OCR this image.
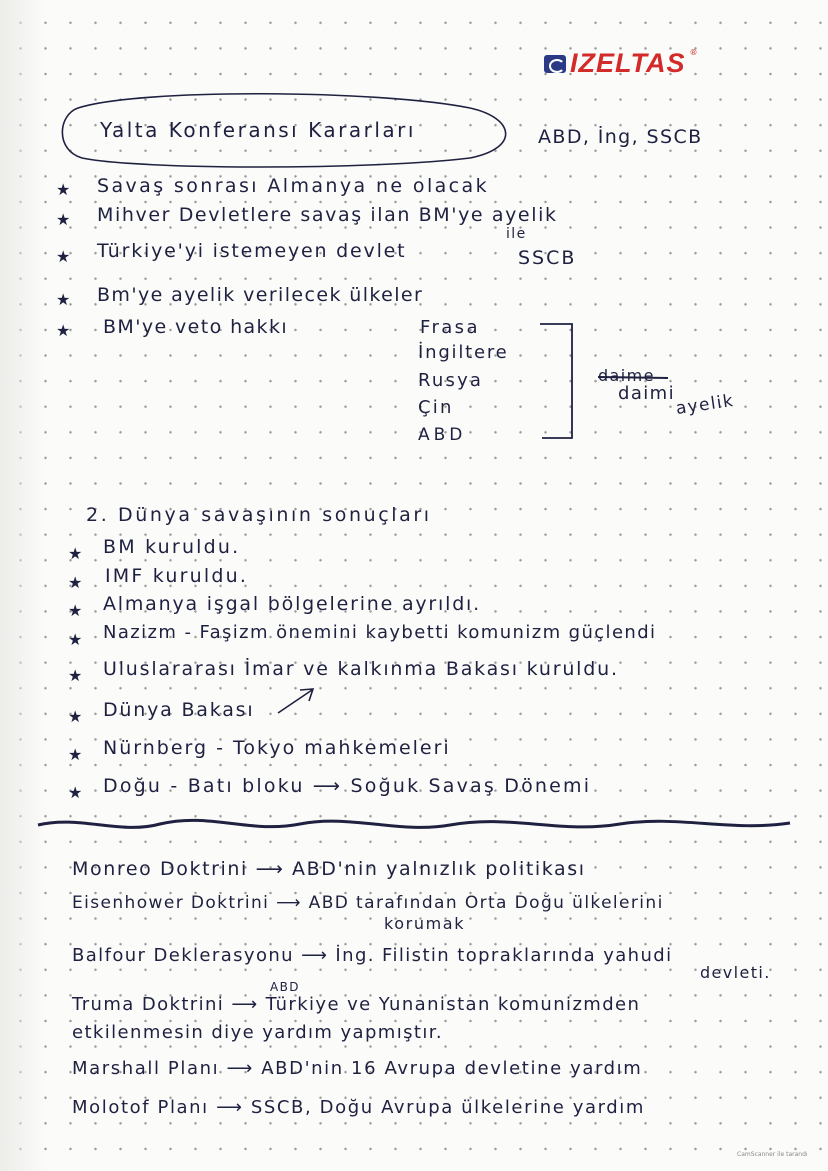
IZELTAS ®
Yalta Konferansı Kararları	ABD, İng, SSCB
★ Savaş sonrası Almanya ne olacak
★ Mihver Devletlere savaş ilan BM'ye ayelik
★ Türkiye'yi istemeyen devlet
ile
SSCB
★ Bm'ye ayelik verilecek ülkeler
★ BM'ye veto hakkı	Frasa
İngiltere
Rusya
Çin
ABD
daime
daimi ayelik
2. Dünya savaşının sonuçları
★ BM kuruldu.
★ IMF kuruldu.
★ Almanya işgal bölgelerine ayrıldı.
★ Nazizm - Faşizm önemini kaybetti komunizm güçlendi
★ Uluslararası İmar ve kalkınma Bakası kuruldu.
★ Dünya Bakası
★ Nürnberg - Tokyo mahkemeleri
★ Doğu - Batı bloku ⟶ Soğuk Savaş Dönemi
Monreo Doktrini ⟶ ABD'nin yalnızlık politikası
Eisenhower Doktrini ⟶ ABD tarafından Orta Doğu ülkelerini
korumak
Balfour Deklerasyonu ⟶ İng. Filistin topraklarında yahudi
devleti.
ABD
Truma Doktrini ⟶ Türkiye ve Yunanistan komunizmden
etkilenmesin diye yardım yapmıştır.
Marshall Planı ⟶ ABD'nin 16 Avrupa devletine yardım
Molotof Planı ⟶ SSCB, Doğu Avrupa ülkelerine yardım
CamScanner ile tarandı
